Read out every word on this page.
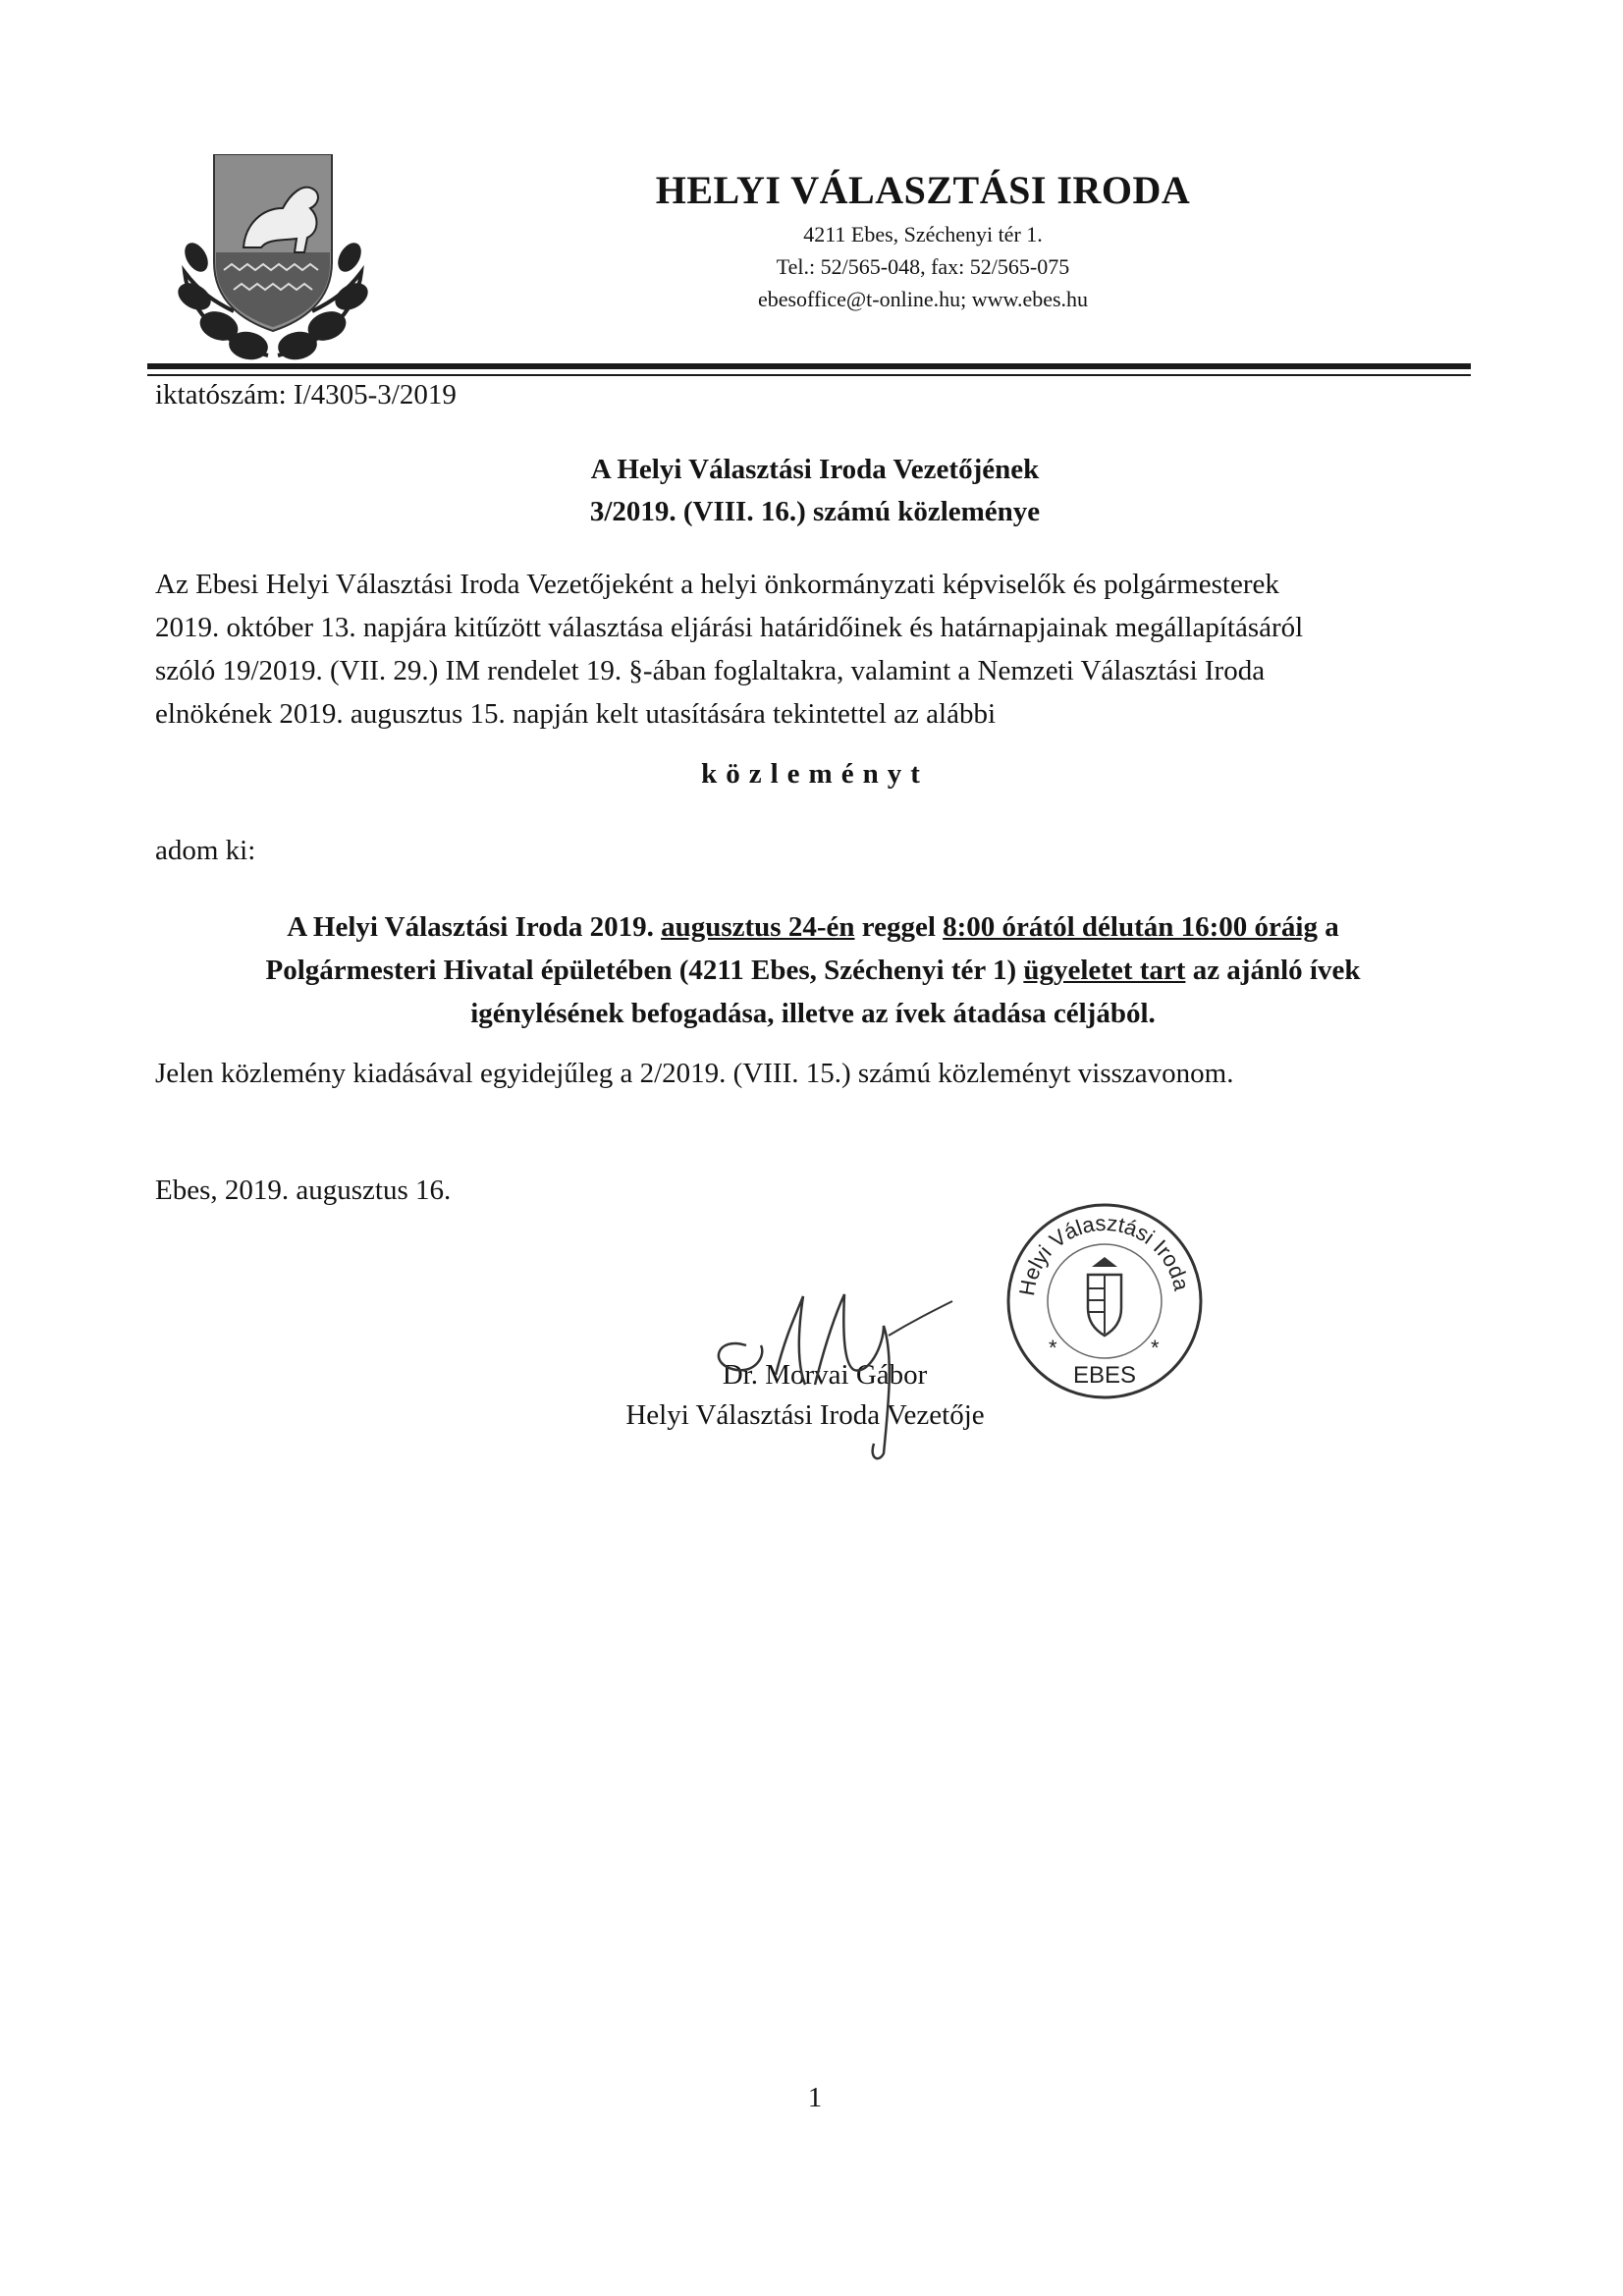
HELYI VÁLASZTÁSI IRODA
4211 Ebes, Széchenyi tér 1.
Tel.: 52/565-048, fax: 52/565-075
ebesoffice@t-online.hu; www.ebes.hu
iktatószám: I/4305-3/2019
A Helyi Választási Iroda Vezetőjének
3/2019. (VIII. 16.) számú közleménye
Az Ebesi Helyi Választási Iroda Vezetőjeként a helyi önkormányzati képviselők és polgármesterek
2019. október 13. napjára kitűzött választása eljárási határidőinek és határnapjainak megállapításáról
szóló 19/2019. (VII. 29.) IM rendelet 19. §-ában foglaltakra, valamint a Nemzeti Választási Iroda
elnökének 2019. augusztus 15. napján kelt utasítására tekintettel az alábbi
közleményt
adom ki:
A Helyi Választási Iroda 2019. augusztus 24-én reggel 8:00 órától délután 16:00 óráig a
Polgármesteri Hivatal épületében (4211 Ebes, Széchenyi tér 1) ügyeletet tart az ajánló ívek
igénylésének befogadása, illetve az ívek átadása céljából.
Jelen közlemény kiadásával egyidejűleg a 2/2019. (VIII. 15.) számú közleményt visszavonom.
Ebes, 2019. augusztus 16.
Helyi Választási Iroda
*	*
EBES
Dr. Morvai Gábor
Helyi Választási Iroda Vezetője
1
